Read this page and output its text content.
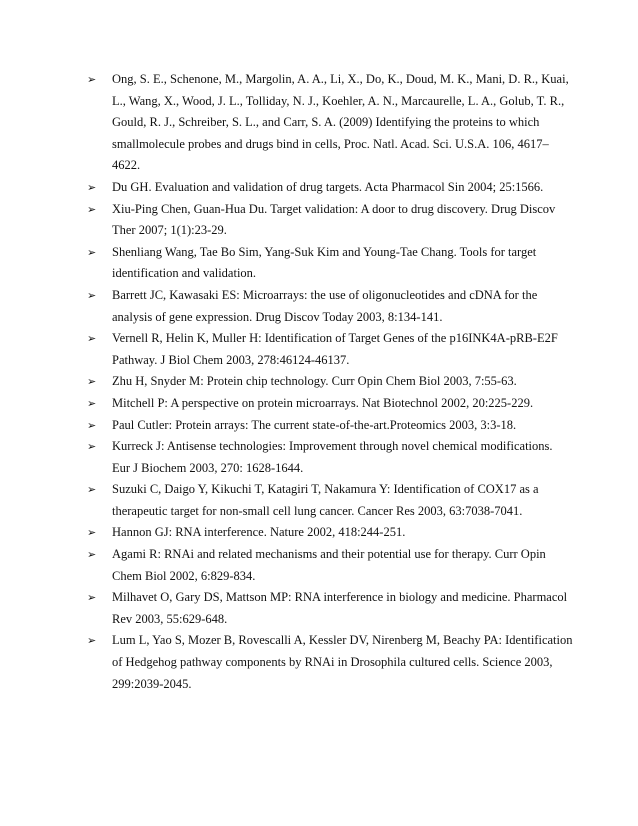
➢ Ong, S. E., Schenone, M., Margolin, A. A., Li, X., Do, K., Doud, M. K., Mani, D. R., Kuai, L., Wang, X., Wood, J. L., Tolliday, N. J., Koehler, A. N., Marcaurelle, L. A., Golub, T. R., Gould, R. J., Schreiber, S. L., and Carr, S. A. (2009) Identifying the proteins to which smallmolecule probes and drugs bind in cells, Proc. Natl. Acad. Sci. U.S.A. 106, 4617–4622.
➢ Du GH. Evaluation and validation of drug targets. Acta Pharmacol Sin 2004; 25:1566.
➢ Xiu-Ping Chen, Guan-Hua Du. Target validation: A door to drug discovery. Drug Discov Ther 2007; 1(1):23-29.
➢ Shenliang Wang, Tae Bo Sim, Yang-Suk Kim and Young-Tae Chang. Tools for target identification and validation.
➢ Barrett JC, Kawasaki ES: Microarrays: the use of oligonucleotides and cDNA for the analysis of gene expression. Drug Discov Today 2003, 8:134-141.
➢ Vernell R, Helin K, Muller H: Identification of Target Genes of the p16INK4A-pRB-E2F Pathway. J Biol Chem 2003, 278:46124-46137.
➢ Zhu H, Snyder M: Protein chip technology. Curr Opin Chem Biol 2003, 7:55-63.
➢ Mitchell P: A perspective on protein microarrays. Nat Biotechnol 2002, 20:225-229.
➢ Paul Cutler: Protein arrays: The current state-of-the-art.Proteomics 2003, 3:3-18.
➢ Kurreck J: Antisense technologies: Improvement through novel chemical modifications. Eur J Biochem 2003, 270: 1628-1644.
➢ Suzuki C, Daigo Y, Kikuchi T, Katagiri T, Nakamura Y: Identification of COX17 as a therapeutic target for non-small cell lung cancer. Cancer Res 2003, 63:7038-7041.
➢ Hannon GJ: RNA interference. Nature 2002, 418:244-251.
➢ Agami R: RNAi and related mechanisms and their potential use for therapy. Curr Opin Chem Biol 2002, 6:829-834.
➢ Milhavet O, Gary DS, Mattson MP: RNA interference in biology and medicine. Pharmacol Rev 2003, 55:629-648.
➢ Lum L, Yao S, Mozer B, Rovescalli A, Kessler DV, Nirenberg M, Beachy PA: Identification of Hedgehog pathway components by RNAi in Drosophila cultured cells. Science 2003, 299:2039-2045.
